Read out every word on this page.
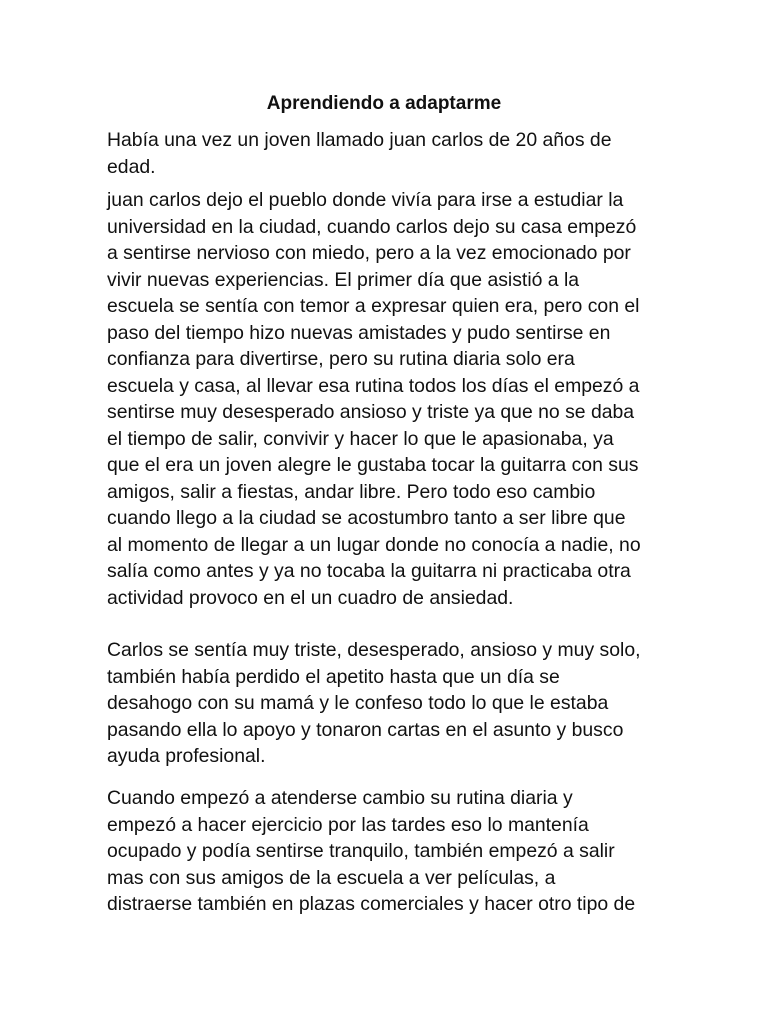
Aprendiendo a adaptarme
Había una vez un joven llamado juan carlos de 20 años de
edad.
juan carlos dejo el pueblo donde vivía para irse a estudiar la
universidad en la ciudad, cuando carlos dejo su casa empezó
a sentirse nervioso con miedo, pero a la vez emocionado por
vivir nuevas experiencias. El primer día que asistió a la
escuela se sentía con temor a expresar quien era, pero con el
paso del tiempo hizo nuevas amistades y pudo sentirse en
confianza para divertirse, pero su rutina diaria solo era
escuela y casa, al llevar esa rutina todos los días el empezó a
sentirse muy desesperado ansioso y triste ya que no se daba
el tiempo de salir, convivir y hacer lo que le apasionaba, ya
que el era un joven alegre le gustaba tocar la guitarra con sus
amigos, salir a fiestas, andar libre. Pero todo eso cambio
cuando llego a la ciudad se acostumbro tanto a ser libre que
al momento de llegar a un lugar donde no conocía a nadie, no
salía como antes y ya no tocaba la guitarra ni practicaba otra
actividad provoco en el un cuadro de ansiedad.
Carlos se sentía muy triste, desesperado, ansioso y muy solo,
también había perdido el apetito hasta que un día se
desahogo con su mamá y le confeso todo lo que le estaba
pasando ella lo apoyo y tonaron cartas en el asunto y busco
ayuda profesional.
Cuando empezó a atenderse cambio su rutina diaria y
empezó a hacer ejercicio por las tardes eso lo mantenía
ocupado y podía sentirse tranquilo, también empezó a salir
mas con sus amigos de la escuela a ver películas, a
distraerse también en plazas comerciales y hacer otro tipo de
